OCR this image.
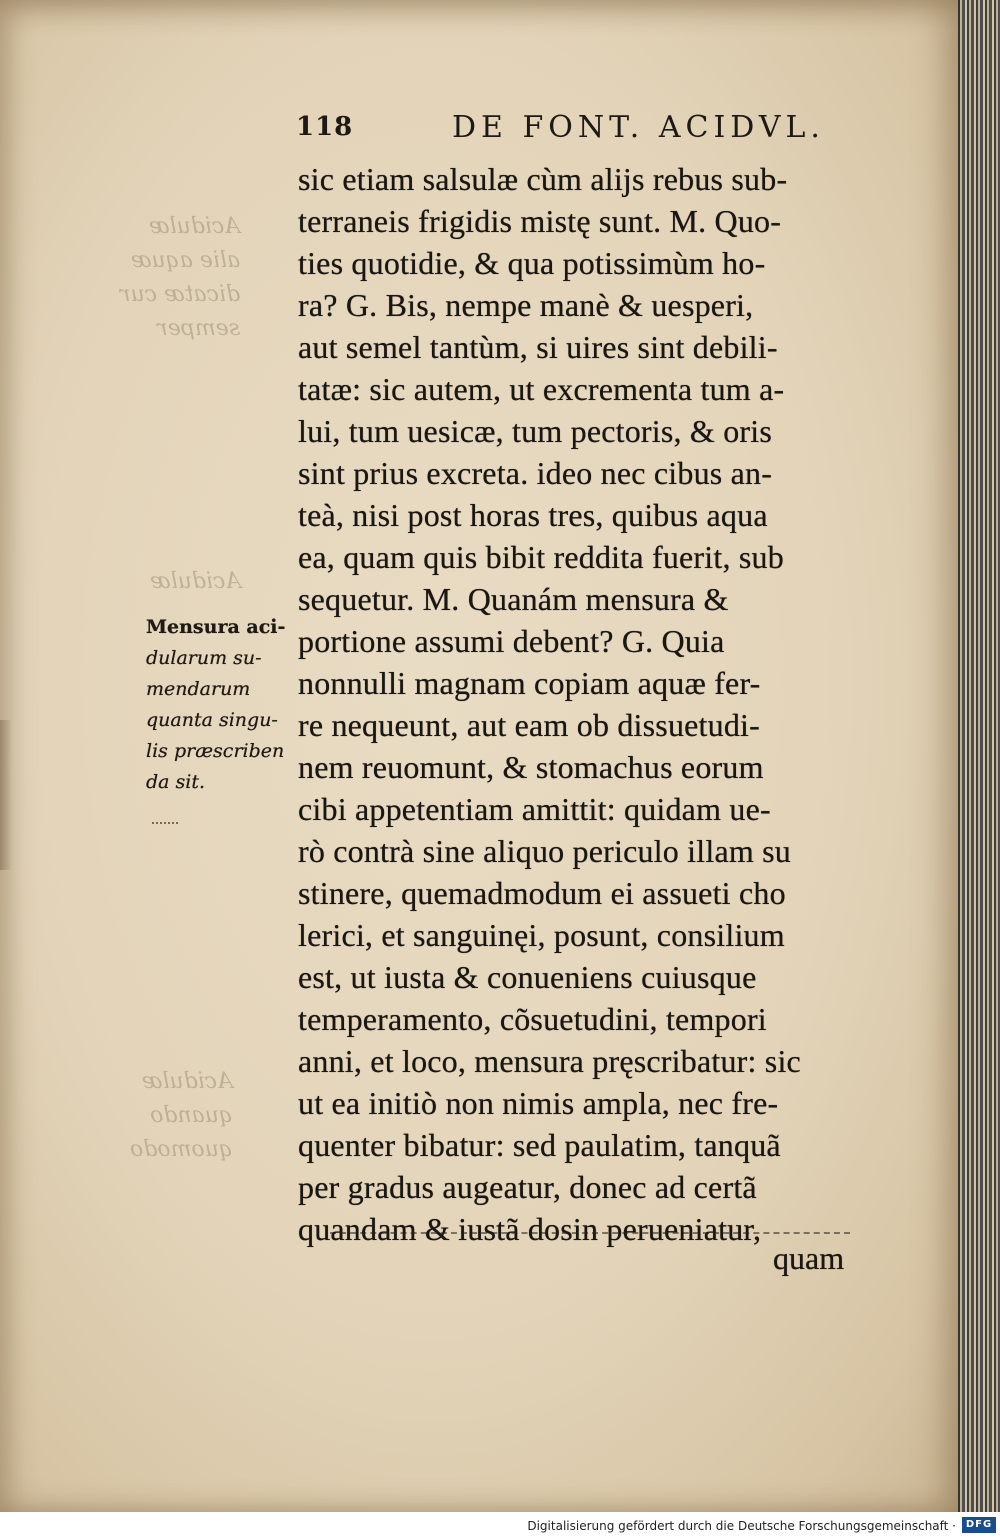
Acidulæ
alie aquæ
dicatæ cur
semper
Acidulæ
Acidulæ
quando
quomodo
118	DE FONT. ACIDVL.
sic etiam salsulæ cùm alijs rebus sub-
terraneis frigidis mistę sunt. M. Quo-
ties quotidie, & qua potissimùm ho-
ra? G. Bis, nempe manè & uesperi,
aut semel tantùm, si uires sint debili-
tatæ: sic autem, ut excrementa tum a-
lui, tum uesicæ, tum pectoris, & oris
sint prius excreta. ideo nec cibus an-
teà, nisi post horas tres, quibus aqua
ea, quam quis bibit reddita fuerit, sub
sequetur. M. Quanám mensura &
portione assumi debent? G. Quia
nonnulli magnam copiam aquæ fer-
re nequeunt, aut eam ob dissuetudi-
nem reuomunt, & stomachus eorum
cibi appetentiam amittit: quidam ue-
rò contrà sine aliquo periculo illam su
stinere, quemadmodum ei assueti cho
lerici, et sanguinęi, posunt, consilium
est, ut iusta & conueniens cuiusque
temperamento, cõsuetudini, tempori
anni, et loco, mensura pręscribatur: sic
ut ea initiò non nimis ampla, nec fre-
quenter bibatur: sed paulatim, tanquã
per gradus augeatur, donec ad certã
quandam & iustã dosin perueniatur,
quam
Mensura aci-
dularum su-
mendarum
quanta singu-
lis præscriben
da sit.
Digitalisierung gefördert durch die Deutsche Forschungsgemeinschaft · DFG
